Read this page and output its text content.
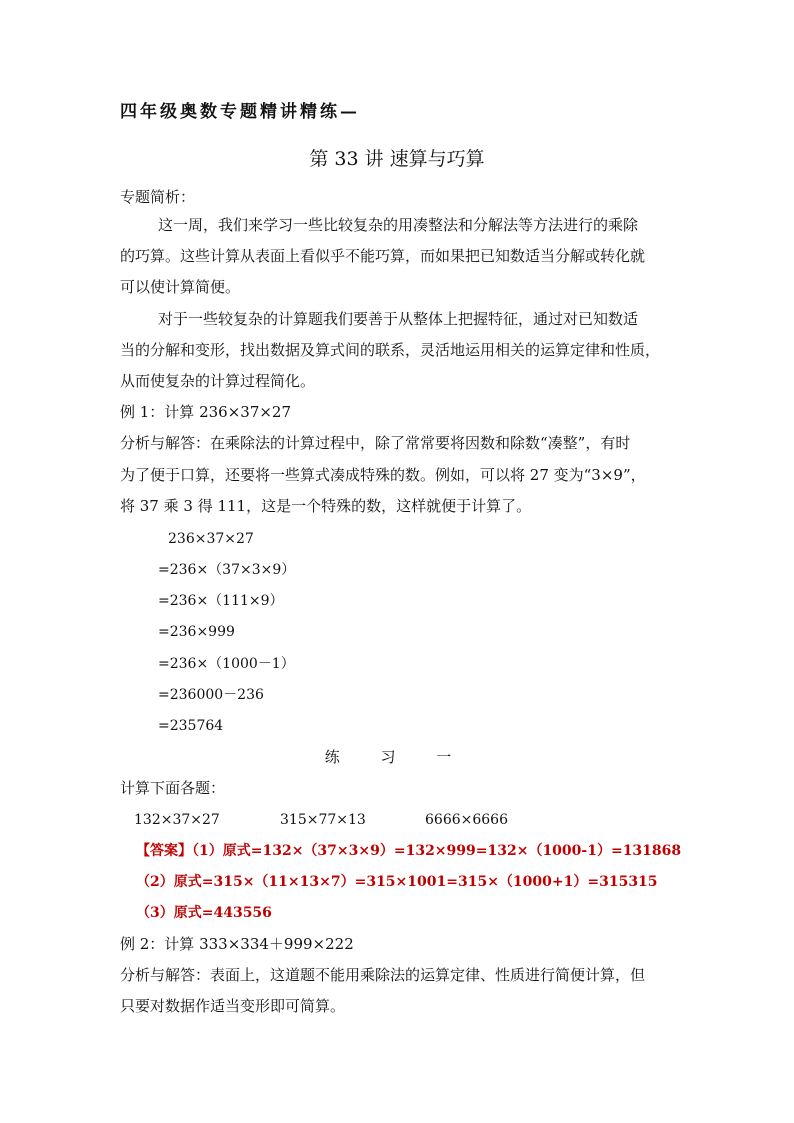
四年级奥数专题精讲精练—
第 33 讲 速算与巧算
专题简析：
这一周，我们来学习一些比较复杂的用凑整法和分解法等方法进行的乘除
的巧算。这些计算从表面上看似乎不能巧算，而如果把已知数适当分解或转化就
可以使计算简便。
对于一些较复杂的计算题我们要善于从整体上把握特征，通过对已知数适
当的分解和变形，找出数据及算式间的联系，灵活地运用相关的运算定律和性质，
从而使复杂的计算过程简化。
例 1：计算 236×37×27
分析与解答：在乘除法的计算过程中，除了常常要将因数和除数“凑整”，有时
为了便于口算，还要将一些算式凑成特殊的数。例如，可以将 27 变为“3×9”，
将 37 乘 3 得 111，这是一个特殊的数，这样就便于计算了。
236×37×27
=236×（37×3×9）
=236×（111×9）
=236×999
=236×（1000－1）
=236000－236
=235764
练 习 一
计算下面各题：
132×37×27	315×77×13	6666×6666
【答案】（1）原式=132×（37×3×9）=132×999=132×（1000-1）=131868
（2）原式=315×（11×13×7）=315×1001=315×（1000+1）=315315
（3）原式=443556
例 2：计算 333×334＋999×222
分析与解答：表面上，这道题不能用乘除法的运算定律、性质进行简便计算，但
只要对数据作适当变形即可简算。
